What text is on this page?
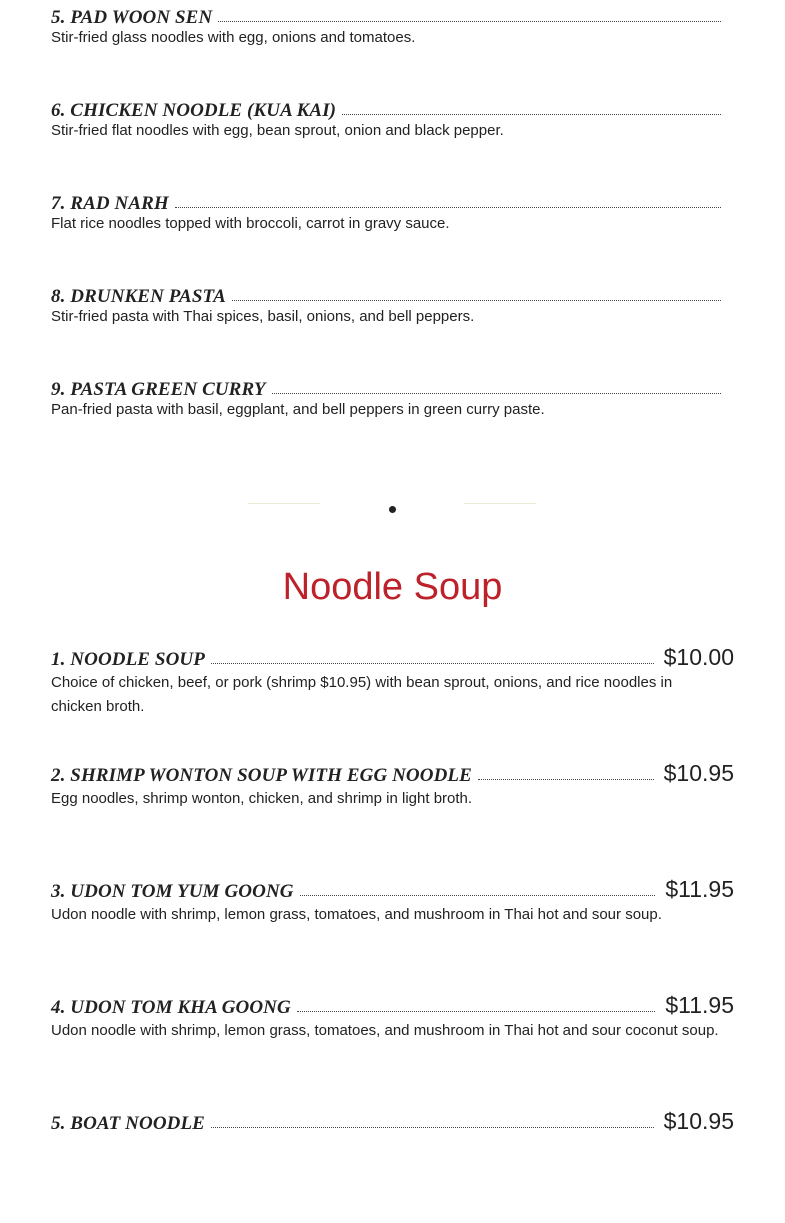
5. PAD WOON SEN
Stir-fried glass noodles with egg, onions and tomatoes.
6. CHICKEN NOODLE (KUA KAI)
Stir-fried flat noodles with egg, bean sprout, onion and black pepper.
7. RAD NARH
Flat rice noodles topped with broccoli, carrot in gravy sauce.
8. DRUNKEN PASTA
Stir-fried pasta with Thai spices, basil, onions, and bell peppers.
9. PASTA GREEN CURRY
Pan-fried pasta with basil, eggplant, and bell peppers in green curry paste.
Noodle Soup
1. NOODLE SOUP	$10.00
Choice of chicken, beef, or pork (shrimp $10.95) with bean sprout, onions, and rice noodles in chicken broth.
2. SHRIMP WONTON SOUP WITH EGG NOODLE	$10.95
Egg noodles, shrimp wonton, chicken, and shrimp in light broth.
3. UDON TOM YUM GOONG	$11.95
Udon noodle with shrimp, lemon grass, tomatoes, and mushroom in Thai hot and sour soup.
4. UDON TOM KHA GOONG	$11.95
Udon noodle with shrimp, lemon grass, tomatoes, and mushroom in Thai hot and sour coconut soup.
5. BOAT NOODLE	$10.95
